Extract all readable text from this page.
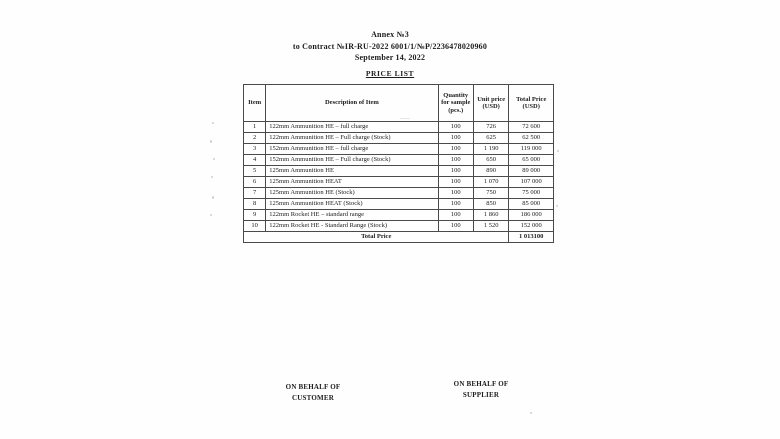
Annex №3
to Contract №IR-RU-2022 6001/1/№P/2236478020960
September 14, 2022
PRICE LIST
Item	Description of Item	Quantity for sample (pcs.)	Unit price (USD)	Total Price (USD)
1	122mm Ammunition HE – full charge	100	726	72 600
2	122mm Ammunition HE – Full charge (Stock)	100	625	62 500
3	152mm Ammunition HE – full charge	100	1 190	119 000
4	152mm Ammunition HE – Full charge (Stock)	100	650	65 000
5	125mm Ammunition HE	100	890	89 000
6	125mm Ammunition HEAT	100	1 070	107 000
7	125mm Ammunition HE (Stock)	100	750	75 000
8	125mm Ammunition HEAT (Stock)	100	850	85 000
9	122mm Rocket HE – standard range	100	1 860	186 000
10	122mm Rocket HE - Standard Range (Stock)	100	1 520	152 000
Total Price				1 013100
ON BEHALF OF
CUSTOMER
ON BEHALF OF
SUPPLIER
